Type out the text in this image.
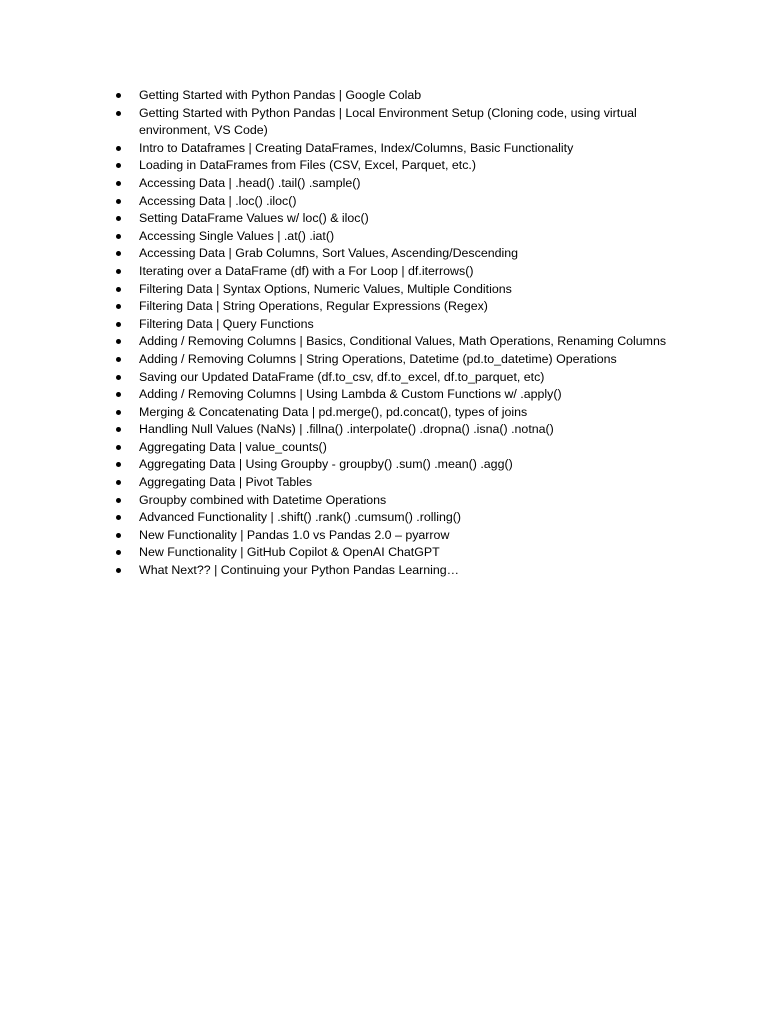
Getting Started with Python Pandas | Google Colab
Getting Started with Python Pandas | Local Environment Setup (Cloning code, using virtual environment, VS Code)
Intro to Dataframes | Creating DataFrames, Index/Columns, Basic Functionality
Loading in DataFrames from Files (CSV, Excel, Parquet, etc.)
Accessing Data | .head() .tail() .sample()
Accessing Data | .loc() .iloc()
Setting DataFrame Values w/ loc() & iloc()
Accessing Single Values | .at() .iat()
Accessing Data | Grab Columns, Sort Values, Ascending/Descending
Iterating over a DataFrame (df) with a For Loop | df.iterrows()
Filtering Data | Syntax Options, Numeric Values, Multiple Conditions
Filtering Data | String Operations, Regular Expressions (Regex)
Filtering Data | Query Functions
Adding / Removing Columns | Basics, Conditional Values, Math Operations, Renaming Columns
Adding / Removing Columns | String Operations, Datetime (pd.to_datetime) Operations
Saving our Updated DataFrame (df.to_csv, df.to_excel, df.to_parquet, etc)
Adding / Removing Columns | Using Lambda & Custom Functions w/ .apply()
Merging & Concatenating Data | pd.merge(), pd.concat(), types of joins
Handling Null Values (NaNs) | .fillna() .interpolate() .dropna() .isna() .notna()
Aggregating Data | value_counts()
Aggregating Data | Using Groupby - groupby() .sum() .mean() .agg()
Aggregating Data | Pivot Tables
Groupby combined with Datetime Operations
Advanced Functionality | .shift() .rank() .cumsum() .rolling()
New Functionality | Pandas 1.0 vs Pandas 2.0 – pyarrow
New Functionality | GitHub Copilot & OpenAI ChatGPT
What Next?? | Continuing your Python Pandas Learning…
